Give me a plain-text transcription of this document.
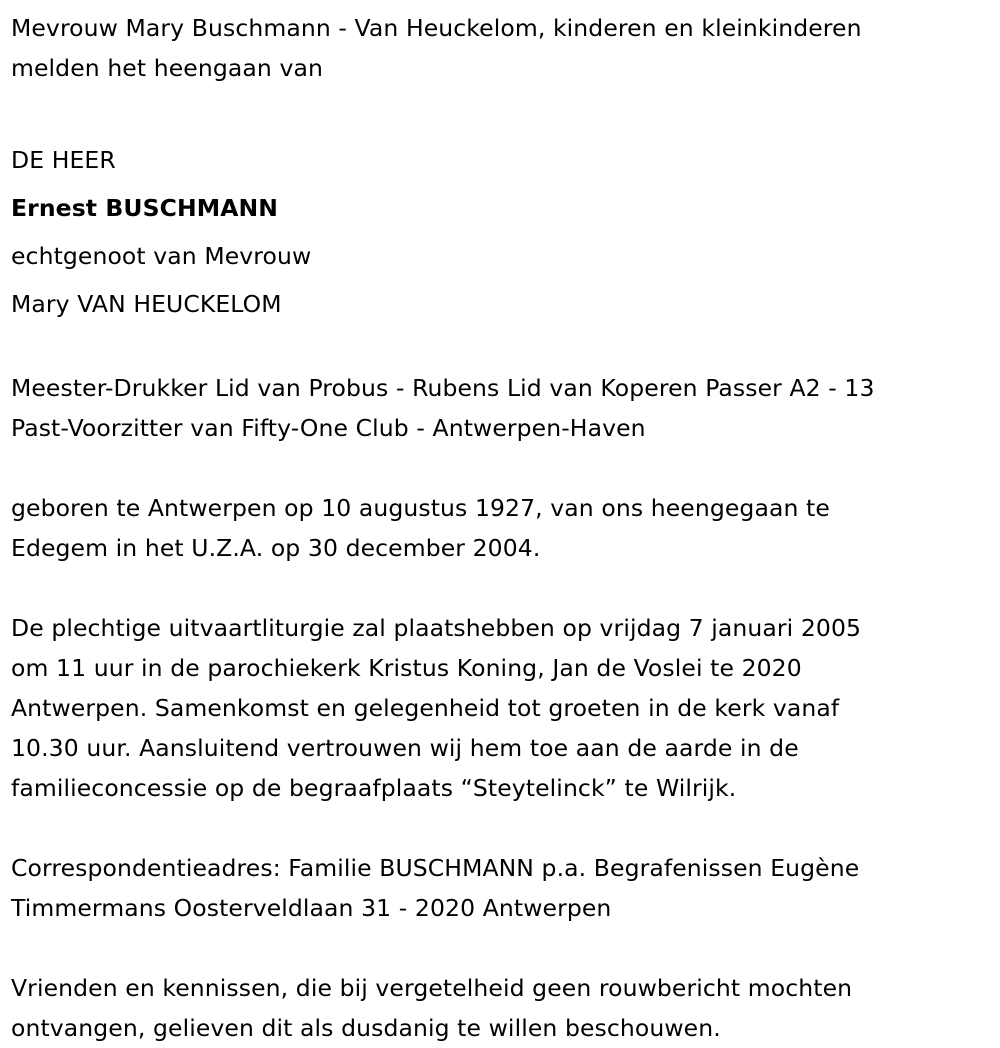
Mevrouw Mary Buschmann - Van Heuckelom, kinderen en kleinkinderen
melden het heengaan van
DE HEER
Ernest BUSCHMANN
echtgenoot van Mevrouw
Mary VAN HEUCKELOM
Meester-Drukker Lid van Probus - Rubens Lid van Koperen Passer A2 - 13
Past-Voorzitter van Fifty-One Club - Antwerpen-Haven
geboren te Antwerpen op 10 augustus 1927, van ons heengegaan te
Edegem in het U.Z.A. op 30 december 2004.
De plechtige uitvaartliturgie zal plaatshebben op vrijdag 7 januari 2005
om 11 uur in de parochiekerk Kristus Koning, Jan de Voslei te 2020
Antwerpen. Samenkomst en gelegenheid tot groeten in de kerk vanaf
10.30 uur. Aansluitend vertrouwen wij hem toe aan de aarde in de
familieconcessie op de begraafplaats “Steytelinck” te Wilrijk.
Correspondentieadres: Familie BUSCHMANN p.a. Begrafenissen Eugène
Timmermans Oosterveldlaan 31 - 2020 Antwerpen
Vrienden en kennissen, die bij vergetelheid geen rouwbericht mochten
ontvangen, gelieven dit als dusdanig te willen beschouwen.
